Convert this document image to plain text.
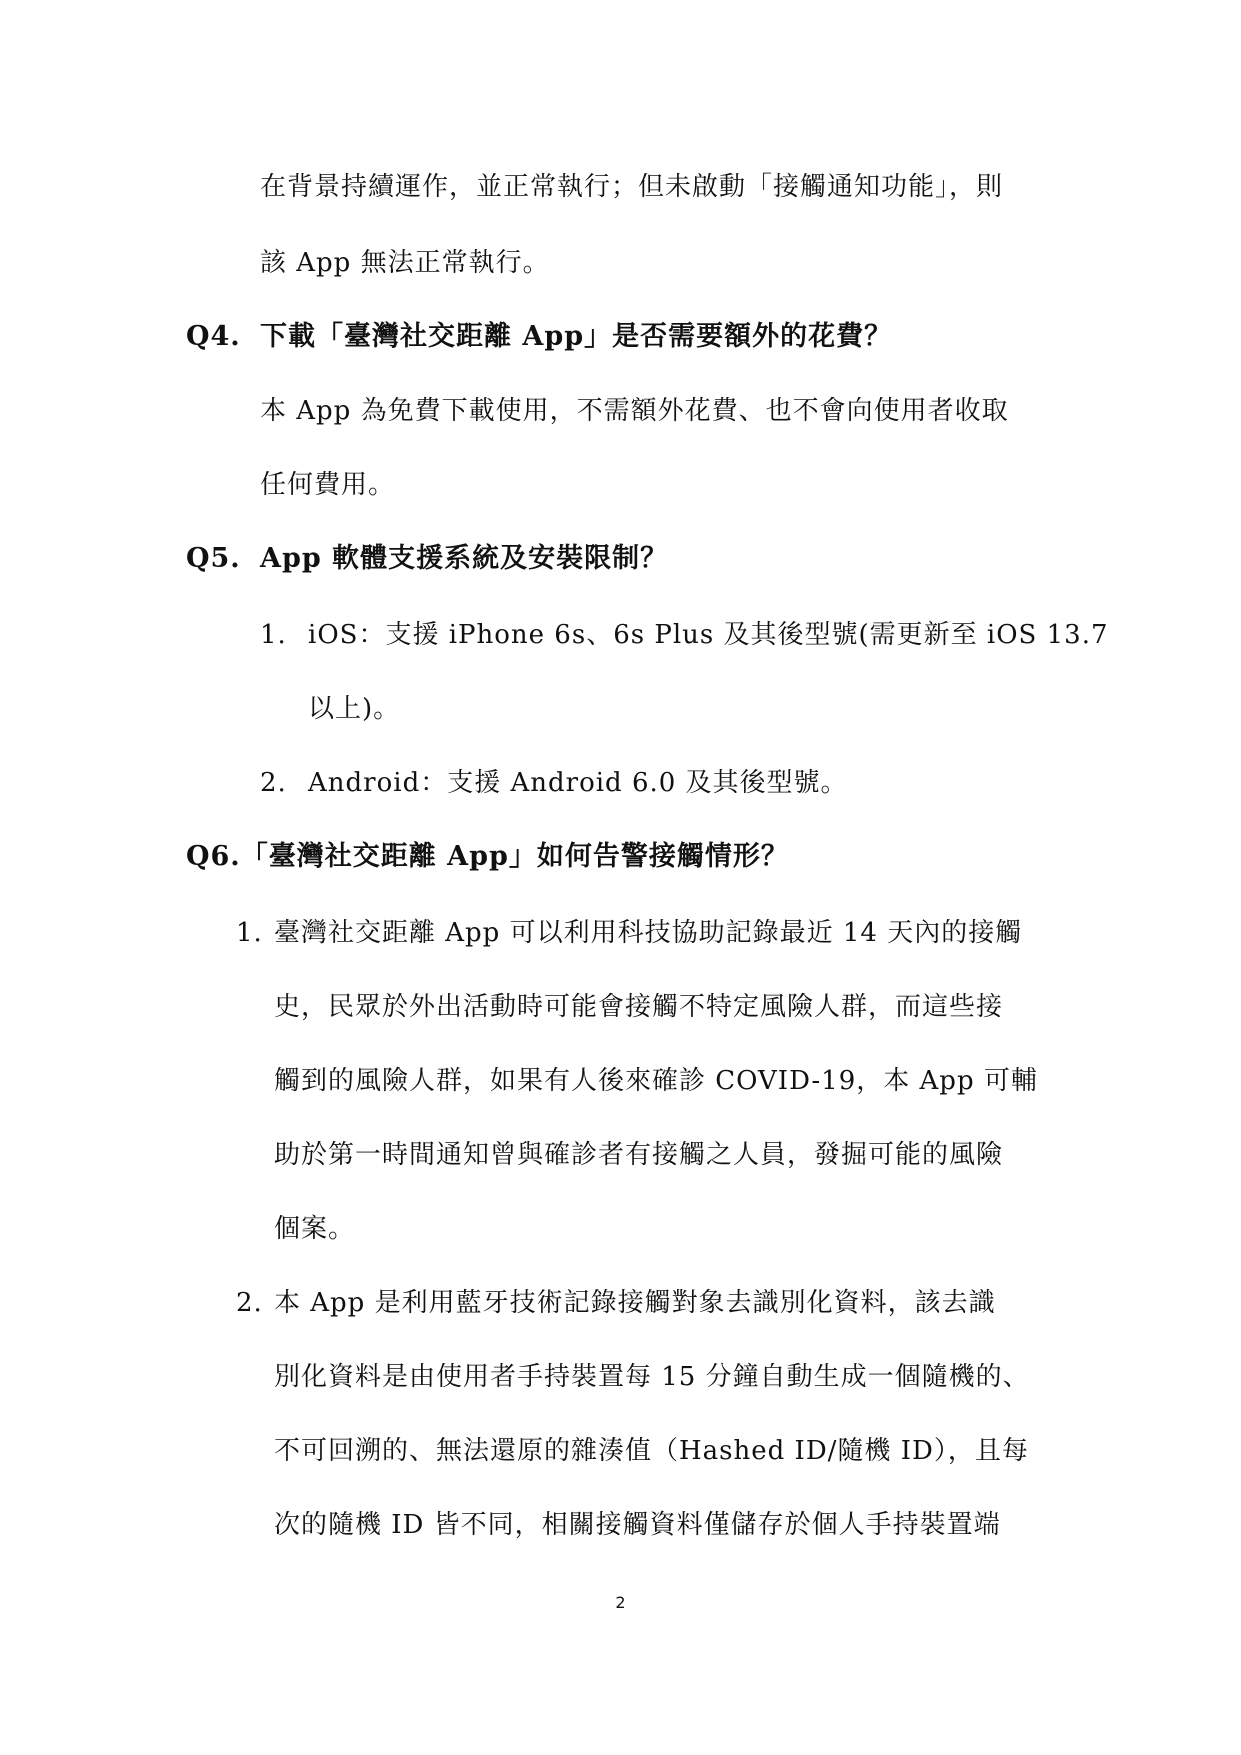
在背景持續運作，並正常執行；但未啟動「接觸通知功能」，則
該 App 無法正常執行。
Q4. 下載「臺灣社交距離 App」是否需要額外的花費？
本 App 為免費下載使用，不需額外花費、也不會向使用者收取
任何費用。
Q5. App 軟體支援系統及安裝限制？
1. iOS：支援 iPhone 6s、6s Plus 及其後型號(需更新至 iOS 13.7
以上)。
2. Android：支援 Android 6.0 及其後型號。
Q6.「臺灣社交距離 App」如何告警接觸情形？
1. 臺灣社交距離 App 可以利用科技協助記錄最近 14 天內的接觸
史，民眾於外出活動時可能會接觸不特定風險人群，而這些接
觸到的風險人群，如果有人後來確診 COVID-19，本 App 可輔
助於第一時間通知曾與確診者有接觸之人員，發掘可能的風險
個案。
2. 本 App 是利用藍牙技術記錄接觸對象去識別化資料，該去識
別化資料是由使用者手持裝置每 15 分鐘自動生成一個隨機的、
不可回溯的、無法還原的雜湊值（Hashed ID/隨機 ID），且每
次的隨機 ID 皆不同，相關接觸資料僅儲存於個人手持裝置端
2
